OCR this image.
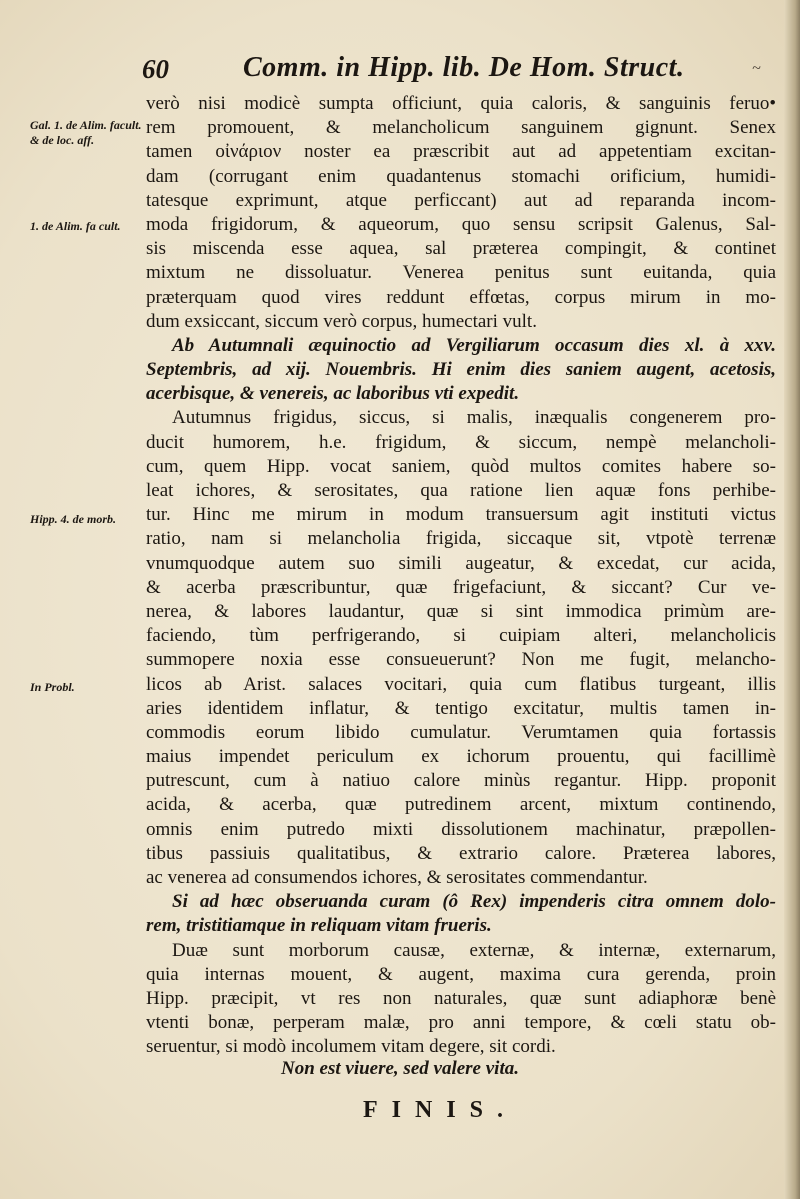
60	Comm. in Hipp. lib. De Hom. Struct.	~
Gal. 1. de Alim. facult. & de loc. aff.
1. de Alim. fa cult.
Hipp. 4. de morb.
In Probl.
verò nisi modicè sumpta officiunt, quia caloris, & sanguinis feruo•
rem promouent, & melancholicum sanguinem gignunt. Senex
tamen οἰνάριον noster ea præscribit aut ad appetentiam excitan-
dam (corrugant enim quadantenus stomachi orificium, humidi-
tatesque exprimunt, atque perficcant) aut ad reparanda incom-
moda frigidorum, & aqueorum, quo sensu scripsit Galenus, Sal-
sis miscenda esse aquea, sal præterea compingit, & continet
mixtum ne dissoluatur. Venerea penitus sunt euitanda, quia
præterquam quod vires reddunt effœtas, corpus mirum in mo-
dum exsiccant, siccum verò corpus, humectari vult.
Ab Autumnali æquinoctio ad Vergiliarum occasum dies xl. à xxv.
Septembris, ad xij. Nouembris. Hi enim dies saniem augent, acetosis,
acerbisque, & venereis, ac laboribus vti expedit.
Autumnus frigidus, siccus, si malis, inæqualis congenerem pro-
ducit humorem, h.e. frigidum, & siccum, nempè melancholi-
cum, quem Hipp. vocat saniem, quòd multos comites habere so-
leat ichores, & serositates, qua ratione lien aquæ fons perhibe-
tur. Hinc me mirum in modum transuersum agit instituti victus
ratio, nam si melancholia frigida, siccaque sit, vtpotè terrenæ
vnumquodque autem suo simili augeatur, & excedat, cur acida,
& acerba præscribuntur, quæ frigefaciunt, & siccant? Cur ve-
nerea, & labores laudantur, quæ si sint immodica primùm are-
faciendo, tùm perfrigerando, si cuipiam alteri, melancholicis
summopere noxia esse consueuerunt? Non me fugit, melancho-
licos ab Arist. salaces vocitari, quia cum flatibus turgeant, illis
aries identidem inflatur, & tentigo excitatur, multis tamen in-
commodis eorum libido cumulatur. Verumtamen quia fortassis
maius impendet periculum ex ichorum prouentu, qui facillimè
putrescunt, cum à natiuo calore minùs regantur. Hipp. proponit
acida, & acerba, quæ putredinem arcent, mixtum continendo,
omnis enim putredo mixti dissolutionem machinatur, præpollen-
tibus passiuis qualitatibus, & extrario calore. Præterea labores,
ac venerea ad consumendos ichores, & serositates commendantur.
Si ad hæc obseruanda curam (ô Rex) impenderis citra omnem dolo-
rem, tristitiamque in reliquam vitam frueris.
Duæ sunt morborum causæ, externæ, & internæ, externarum,
quia internas mouent, & augent, maxima cura gerenda, proin
Hipp. præcipit, vt res non naturales, quæ sunt adiaphoræ benè
vtenti bonæ, perperam malæ, pro anni tempore, & cœli statu ob-
seruentur, si modò incolumem vitam degere, sit cordi.
Non est viuere, sed valere vita.
FINIS.
